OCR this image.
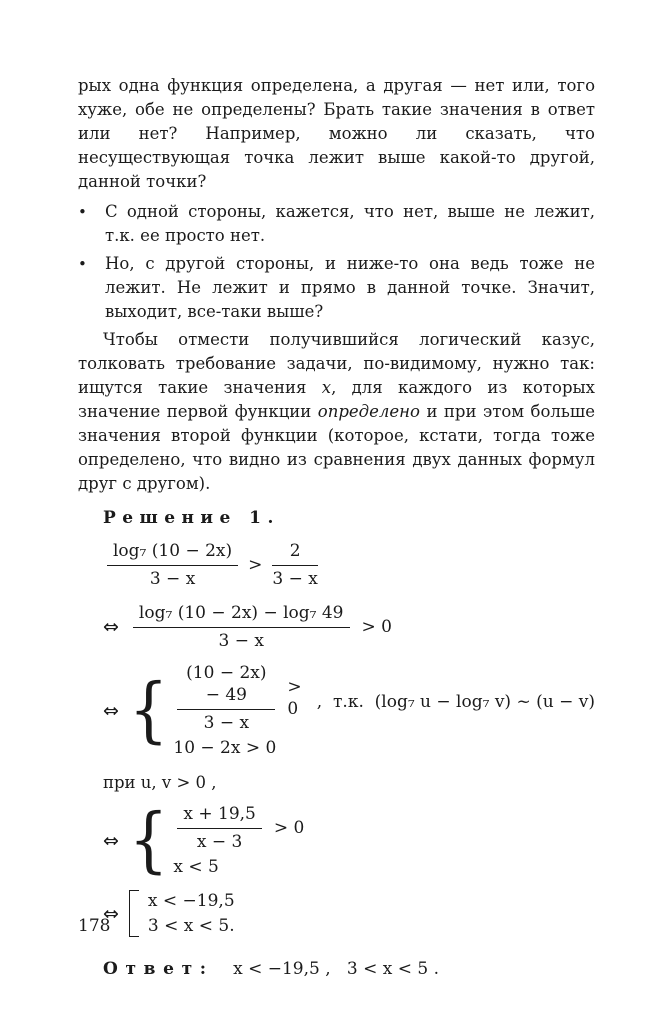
рых одна функция определена, а другая — нет или, того хуже, обе не определены? Брать такие значения в ответ или нет? Например, можно ли сказать, что несуществующая точка лежит выше какой-то другой, данной точки?

•	С одной стороны, кажется, что нет, выше не лежит, т.к. ее просто нет.
•	Но, с другой стороны, и ниже-то она ведь тоже не лежит. Не лежит и прямо в данной точке. Значит, выходит, все-таки выше?

Чтобы отмести получившийся логический казус, толковать требование задачи, по-видимому, нужно так: ищутся такие значения x, для каждого из которых значение первой функции определено и при этом больше значения второй функции (которое, кстати, тогда тоже определено, что видно из сравнения двух данных формул друг с другом).

Решение 1.
$\frac{\text{log₇ (10 − 2x)}}{3 - x} > \frac{2}{3 - x}$
⇔ $\frac{\text{log₇ (10 − 2x) − log₇ 49}}{3 - x} > 0$
⇔ { $\frac{(10 - 2x) - 49}{3 - x} > 0$
10 − 2x > 0
,  т.к.  (log₇ u − log₇ v) ~ (u − v)
при u, v > 0 ,
⇔ { $\frac{x + 19,5}{x - 3} > 0$
x < 5
⇔
x < −19,5
3 < x < 5.
Ответ: x < −19,5 ,   3 < x < 5 .
178
